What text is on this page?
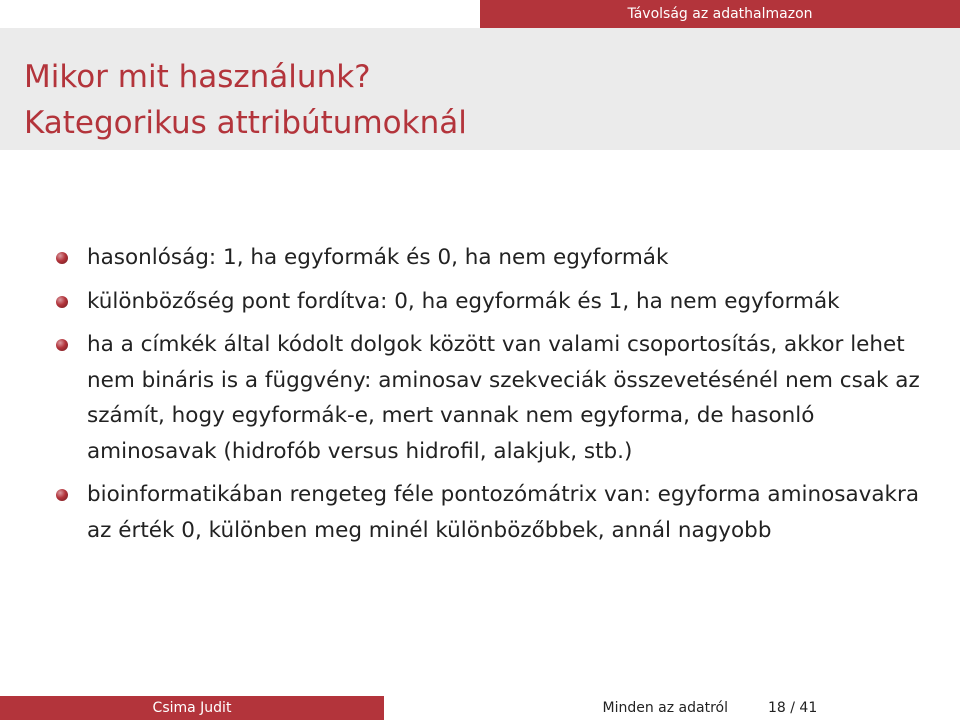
Távolság az adathalmazon
Mikor mit használunk?
Kategorikus attribútumoknál
hasonlóság: 1, ha egyformák és 0, ha nem egyformák
különbözőség pont fordítva: 0, ha egyformák és 1, ha nem egyformák
ha a címkék által kódolt dolgok között van valami csoportosítás, akkor lehet nem bináris is a függvény: aminosav szekveciák összevetésénél nem csak az számít, hogy egyformák-e, mert vannak nem egyforma, de hasonló aminosavak (hidrofób versus hidrofil, alakjuk, stb.)
bioinformatikában rengeteg féle pontozómátrix van: egyforma aminosavakra az érték 0, különben meg minél különbözőbbek, annál nagyobb
Csima Judit	Minden az adatról	18 / 41
